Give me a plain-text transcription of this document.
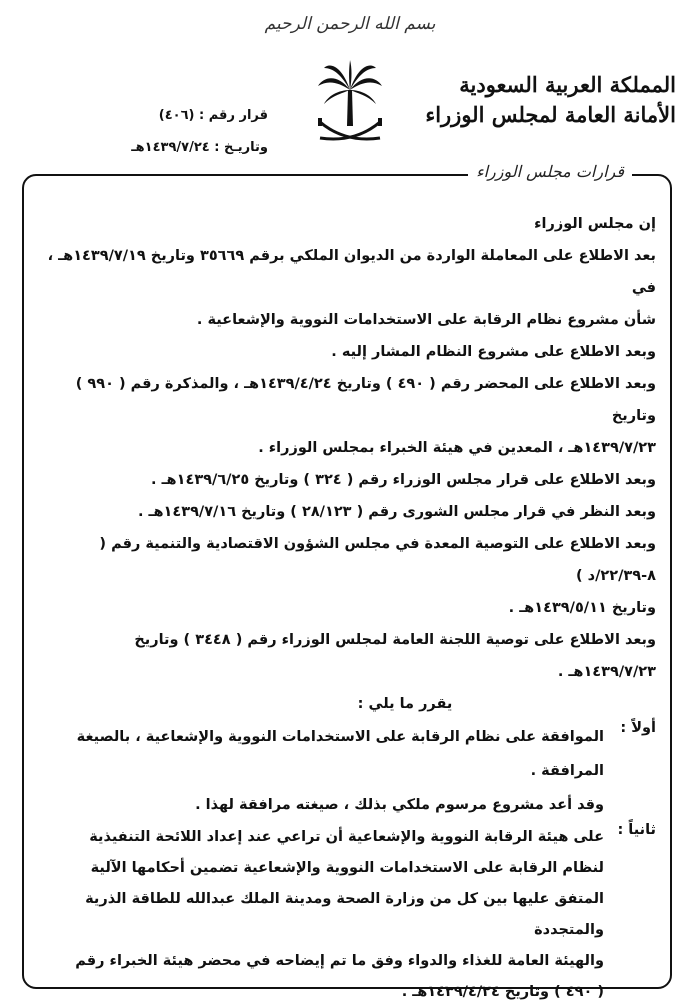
بسم الله الرحمن الرحيم
المملكة العربية السعودية
الأمانة العامة لمجلس الوزراء
قرار رقم : (٤٠٦)
وتاريـخ : ١٤٣٩/٧/٢٤هـ
قرارات مجلس الوزراء

إن مجلس الوزراء

بعد الاطلاع على المعاملة الواردة من الديوان الملكي برقم ٣٥٦٦٩ وتاريخ ١٤٣٩/٧/١٩هـ ، في

شأن مشروع نظام الرقابة على الاستخدامات النووية والإشعاعية .

وبعد الاطلاع على مشروع النظام المشار إليه .

وبعد الاطلاع على المحضر رقم ( ٤٩٠ ) وتاريخ ١٤٣٩/٤/٢٤هـ ، والمذكرة رقم ( ٩٩٠ ) وتاريخ

١٤٣٩/٧/٢٣هـ ، المعدين في هيئة الخبراء بمجلس الوزراء .

وبعد الاطلاع على قرار مجلس الوزراء رقم ( ٣٢٤ ) وتاريخ ١٤٣٩/٦/٢٥هـ .

وبعد النظر في قرار مجلس الشورى رقم ( ٢٨/١٢٣ ) وتاريخ ١٤٣٩/٧/١٦هـ .

وبعد الاطلاع على التوصية المعدة في مجلس الشؤون الاقتصادية والتنمية رقم ( ٨-٢٢/٣٩/د )

وتاريخ ١٤٣٩/٥/١١هـ .

وبعد الاطلاع على توصية اللجنة العامة لمجلس الوزراء رقم ( ٣٤٤٨ ) وتاريخ ١٤٣٩/٧/٢٣هـ .

يقرر ما يلي :

أولاً :

الموافقة على نظام الرقابة على الاستخدامات النووية والإشعاعية ، بالصيغة المرافقة .

وقد أعد مشروع مرسوم ملكي بذلك ، صيغته مرافقة لهذا .

ثانياً :

على هيئة الرقابة النووية والإشعاعية أن تراعي عند إعداد اللائحة التنفيذية

لنظام الرقابة على الاستخدامات النووية والإشعاعية تضمين أحكامها الآلية

المتفق عليها بين كل من وزارة الصحة ومدينة الملك عبدالله للطاقة الذرية والمتجددة

والهيئة العامة للغذاء والدواء وفق ما تم إيضاحه في محضر هيئة الخبراء رقم

( ٤٩٠ ) وتاريخ ١٤٣٩/٤/٢٤هـ .
